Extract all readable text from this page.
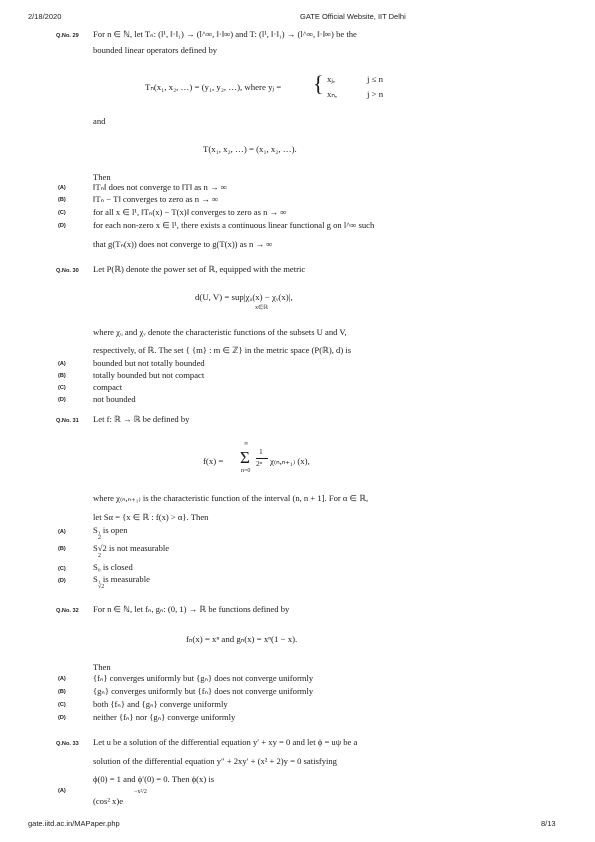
2/18/2020	GATE Official Website, IIT Delhi
Q.No. 29 For n ∈ ℕ, let Tₙ: (l¹, ‖·‖₁) → (l^∞, ‖·‖∞) and T: (l¹, ‖·‖₁) → (l^∞, ‖·‖∞) be the
bounded linear operators defined by
Tₙ(x₁, x₂, …) = (y₁, y₂, …), where yⱼ = { xⱼ,	j ≤ n
xₙ,	j > n
and
T(x₁, x₂, …) = (x₁, x₂, …).
Then
(A)	‖Tₙ‖ does not converge to ‖T‖ as n → ∞
(B)	‖Tₙ − T‖ converges to zero as n → ∞
(C)	for all x ∈ l¹, ‖Tₙ(x) − T(x)‖ converges to zero as n → ∞
(D)	for each non-zero x ∈ l¹, there exists a continuous linear functional g on l^∞ such
that g(Tₙ(x)) does not converge to g(T(x)) as n → ∞
Q.No. 30 Let P(ℝ) denote the power set of ℝ, equipped with the metric
d(U, V) = sup|χᵤ(x) − χᵥ(x)|,
x∈ℝ
where χᵤ and χᵥ denote the characteristic functions of the subsets U and V,
respectively, of ℝ. The set { {m} : m ∈ ℤ} in the metric space (P(ℝ), d) is
(A)	bounded but not totally bounded
(B)	totally bounded but not compact
(C)	compact
(D)	not bounded
Q.No. 31 Let f: ℝ → ℝ be defined by
f(x) =
∞
Σ
n=0
1
2ⁿ χ₍ₙ,ₙ₊₁₎ (x),
where χ₍ₙ,ₙ₊₁₎ is the characteristic function of the interval (n, n + 1]. For α ∈ ℝ,
let Sα = {x ∈ ℝ : f(x) > α}. Then
(A)	S₁ is open
2
(B)	S√2 is not measurable
2
(C)	S₀ is closed
(D)	S₁ is measurable
√2
Q.No. 32 For n ∈ ℕ, let fₙ, gₙ: (0, 1) → ℝ be functions defined by
fₙ(x) = xⁿ and gₙ(x) = xⁿ(1 − x).
Then
(A)	{fₙ} converges uniformly but {gₙ} does not converge uniformly
(B)	{gₙ} converges uniformly but {fₙ} does not converge uniformly
(C)	both {fₙ} and {gₙ} converge uniformly
(D)	neither {fₙ} nor {gₙ} converge uniformly
Q.No. 33 Let u be a solution of the differential equation y′ + xy = 0 and let ϕ = uψ be a
solution of the differential equation y″ + 2xy′ + (x² + 2)y = 0 satisfying
ϕ(0) = 1 and ϕ′(0) = 0. Then ϕ(x) is
(A)
(cos² x)e
−x²/2
gate.iitd.ac.in/MAPaper.php	8/13
